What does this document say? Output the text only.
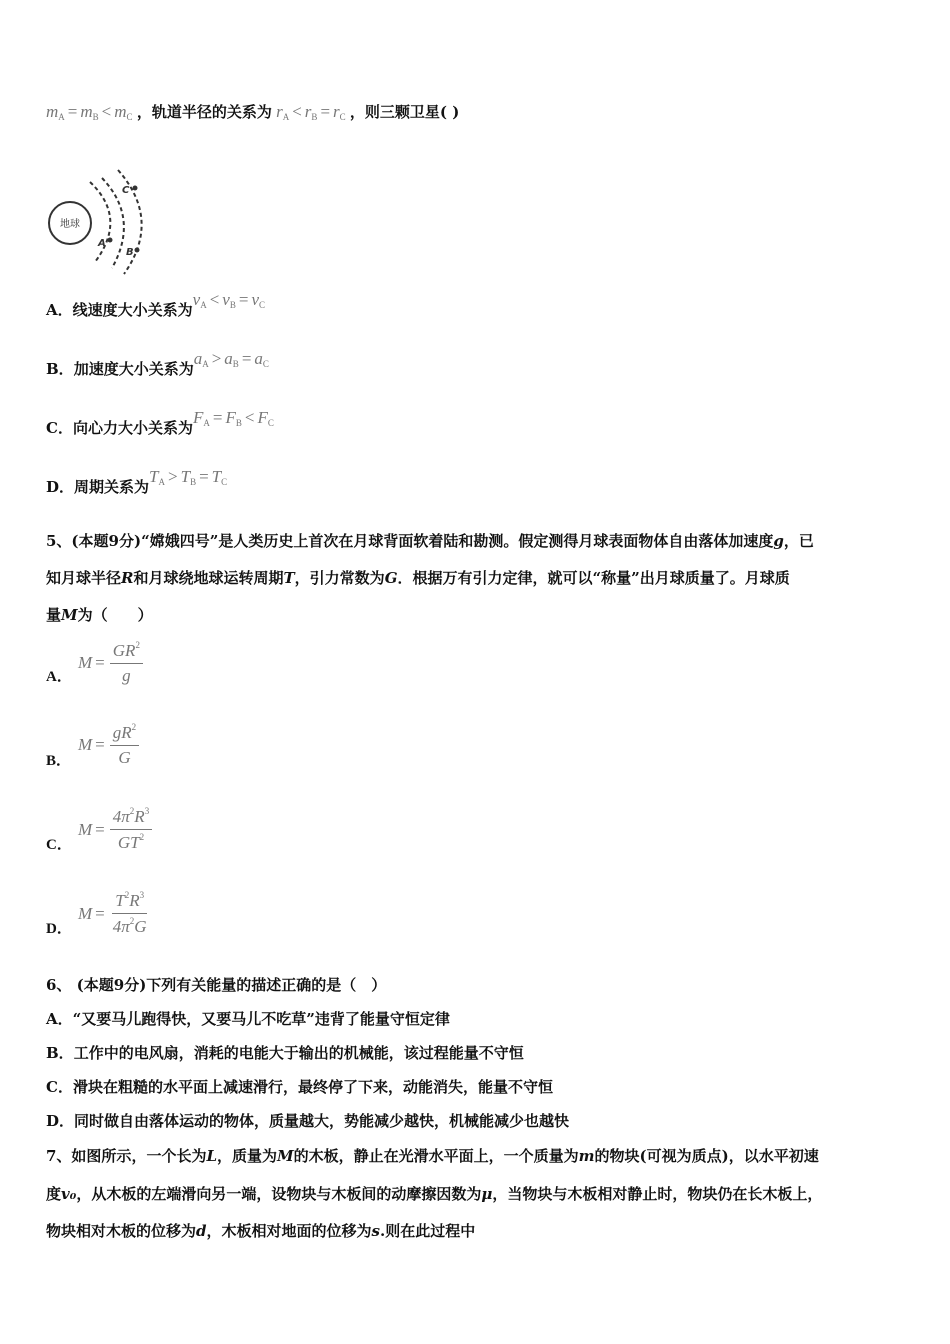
$m_A = m_B < m_C$ ，轨道半径的关系为 $r_A < r_B = r_C$ ，则三颗卫星( )
地球
A
B
C
A．线速度大小关系为$v_A < v_B = v_C$
B．加速度大小关系为$a_A > a_B = a_C$
C．向心力大小关系为$F_A = F_B < F_C$
D．周期关系为$T_A > T_B = T_C$
5、(本题9分)“嫦娥四号”是人类历史上首次在月球背面软着陆和勘测。假定测得月球表面物体自由落体加速度g，已
知月球半径R和月球绕地球运转周期T，引力常数为G．根据万有引力定律，就可以“称量”出月球质量了。月球质
量M为（　　）
A．
$M = \frac{GR^2}{g}$
B．
$M = \frac{gR^2}{G}$
C．
$M = \frac{4\pi^2R^3}{GT^2}$
D．
$M = \frac{T^2R^3}{4\pi^2G}$
6、 (本题9分)下列有关能量的描述正确的是（　）
A．“又要马儿跑得快，又要马儿不吃草”违背了能量守恒定律
B．工作中的电风扇，消耗的电能大于输出的机械能，该过程能量不守恒
C．滑块在粗糙的水平面上减速滑行，最终停了下来，动能消失，能量不守恒
D．同时做自由落体运动的物体，质量越大，势能减少越快，机械能减少也越快
7、如图所示，一个长为L，质量为M的木板，静止在光滑水平面上，一个质量为m的物块(可视为质点)，以水平初速
度v₀，从木板的左端滑向另一端，设物块与木板间的动摩擦因数为μ，当物块与木板相对静止时，物块仍在长木板上，
物块相对木板的位移为d，木板相对地面的位移为s.则在此过程中
